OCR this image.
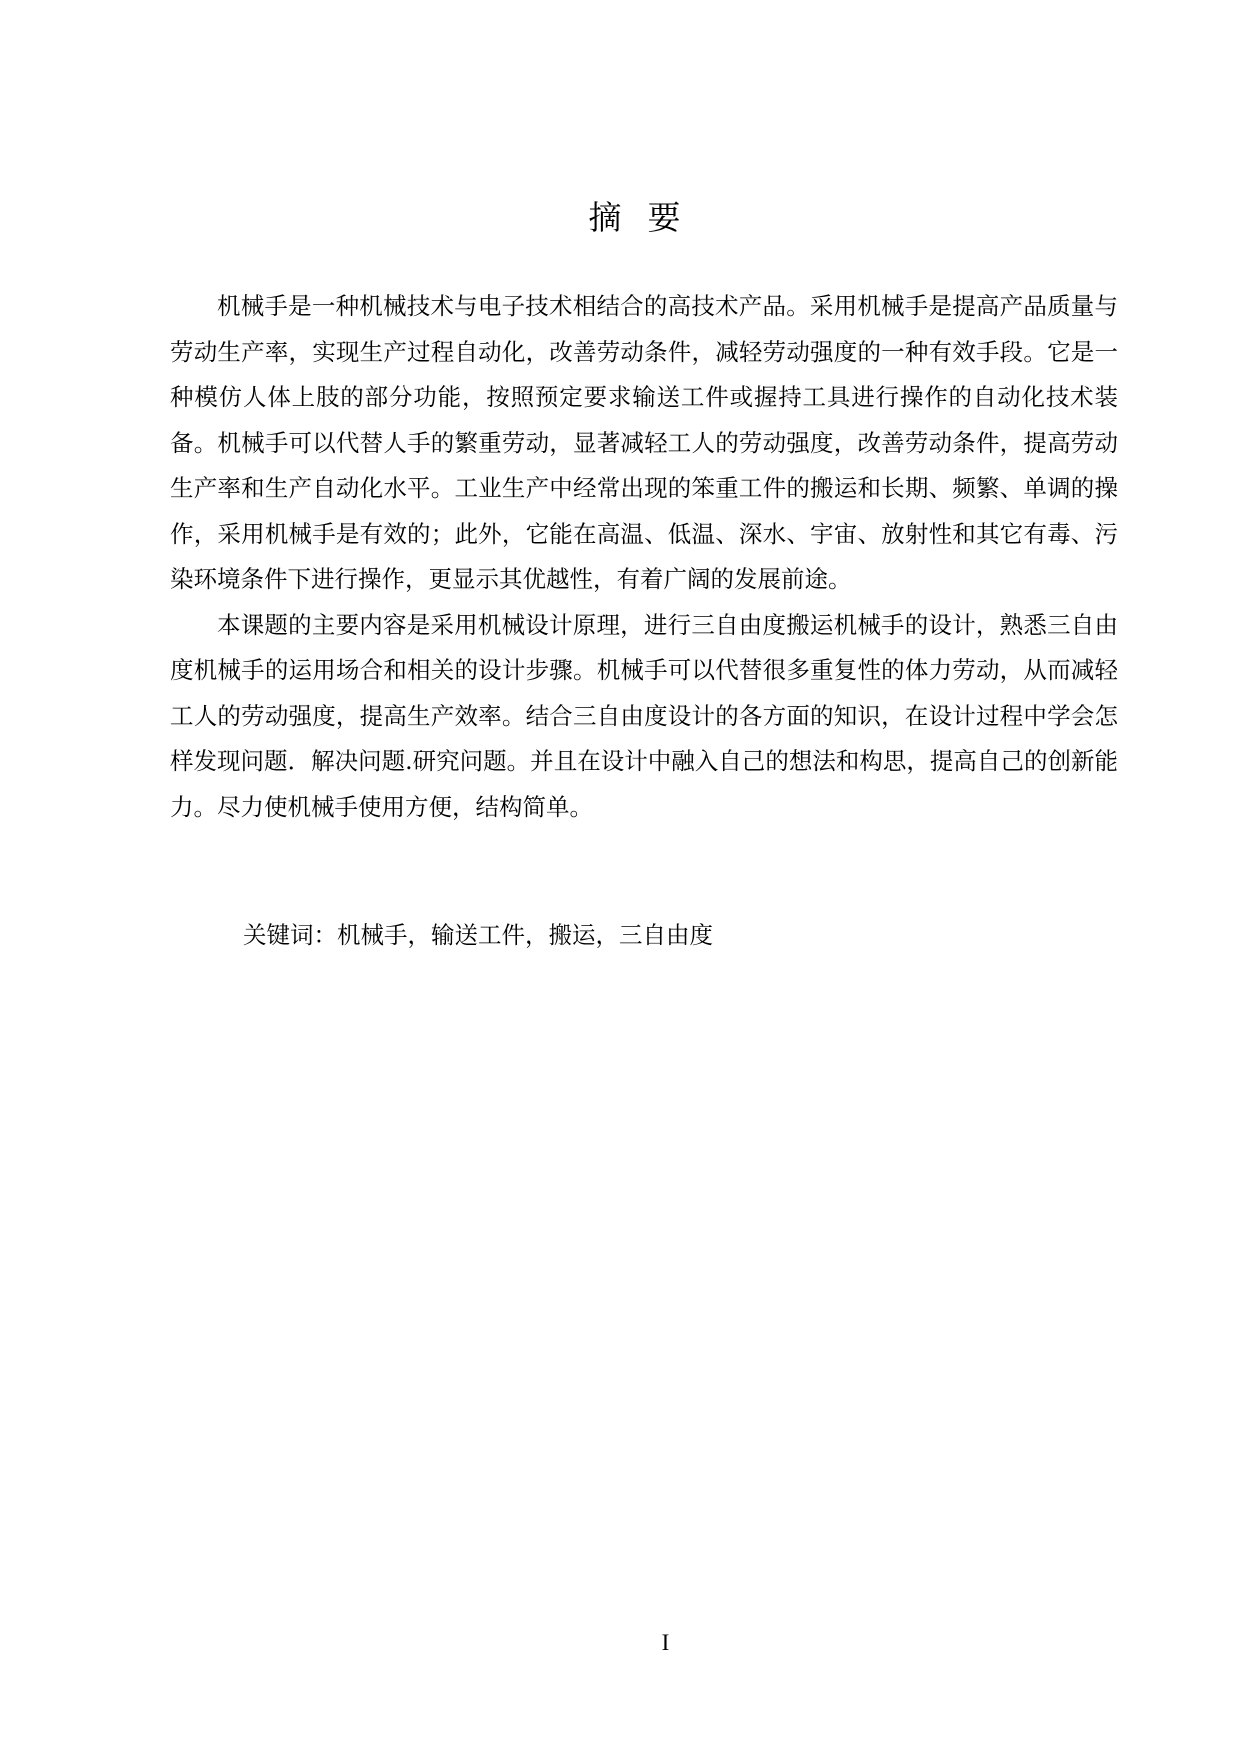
摘要

机械手是一种机械技术与电子技术相结合的高技术产品。采用机械手是提高产品质量与劳动生产率，实现生产过程自动化，改善劳动条件，减轻劳动强度的一种有效手段。它是一种模仿人体上肢的部分功能，按照预定要求输送工件或握持工具进行操作的自动化技术装备。机械手可以代替人手的繁重劳动，显著减轻工人的劳动强度，改善劳动条件，提高劳动生产率和生产自动化水平。工业生产中经常出现的笨重工件的搬运和长期、频繁、单调的操作，采用机械手是有效的；此外，它能在高温、低温、深水、宇宙、放射性和其它有毒、污染环境条件下进行操作，更显示其优越性，有着广阔的发展前途。

本课题的主要内容是采用机械设计原理，进行三自由度搬运机械手的设计，熟悉三自由度机械手的运用场合和相关的设计步骤。机械手可以代替很多重复性的体力劳动，从而减轻工人的劳动强度，提高生产效率。结合三自由度设计的各方面的知识，在设计过程中学会怎样发现问题．解决问题.研究问题。并且在设计中融入自己的想法和构思，提高自己的创新能力。尽力使机械手使用方便，结构简单。

关键词：机械手，输送工件，搬运，三自由度
I
